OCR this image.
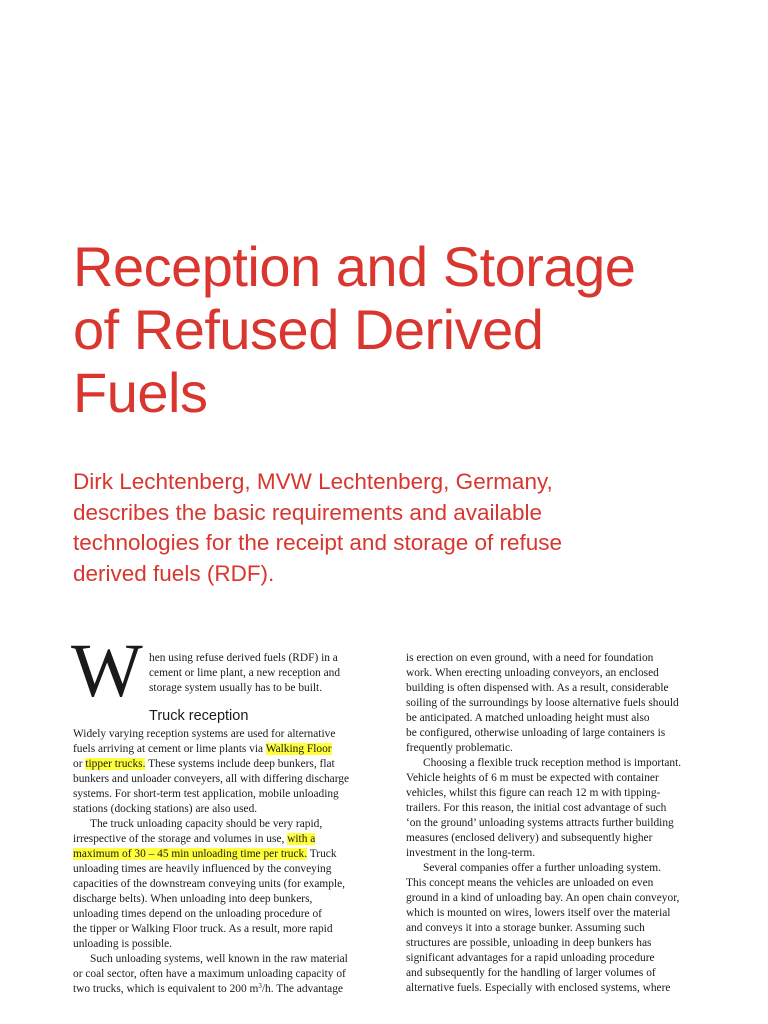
Reception and Storage
of Refused Derived
Fuels
Dirk Lechtenberg, MVW Lechtenberg, Germany,
describes the basic requirements and available
technologies for the receipt and storage of refuse
derived fuels (RDF).
W
Truck reception
hen using refuse derived fuels (RDF) in a
cement or lime plant, a new reception and
storage system usually has to be built.
Widely varying reception systems are used for alternative
fuels arriving at cement or lime plants via Walking Floor
or tipper trucks. These systems include deep bunkers, flat
bunkers and unloader conveyers, all with differing discharge
systems. For short-term test application, mobile unloading
stations (docking stations) are also used.
The truck unloading capacity should be very rapid,
irrespective of the storage and volumes in use, with a
maximum of 30 – 45 min unloading time per truck. Truck
unloading times are heavily influenced by the conveying
capacities of the downstream conveying units (for example,
discharge belts). When unloading into deep bunkers,
unloading times depend on the unloading procedure of
the tipper or Walking Floor truck. As a result, more rapid
unloading is possible.
Such unloading systems, well known in the raw material
or coal sector, often have a maximum unloading capacity of
two trucks, which is equivalent to 200 $m^3/h$. The advantage
is erection on even ground, with a need for foundation
work. When erecting unloading conveyors, an enclosed
building is often dispensed with. As a result, considerable
soiling of the surroundings by loose alternative fuels should
be anticipated. A matched unloading height must also
be configured, otherwise unloading of large containers is
frequently problematic.
Choosing a flexible truck reception method is important.
Vehicle heights of 6 m must be expected with container
vehicles, whilst this figure can reach 12 m with tipping-
trailers. For this reason, the initial cost advantage of such
‘on the ground’ unloading systems attracts further building
measures (enclosed delivery) and subsequently higher
investment in the long-term.
Several companies offer a further unloading system.
This concept means the vehicles are unloaded on even
ground in a kind of unloading bay. An open chain conveyor,
which is mounted on wires, lowers itself over the material
and conveys it into a storage bunker. Assuming such
structures are possible, unloading in deep bunkers has
significant advantages for a rapid unloading procedure
and subsequently for the handling of larger volumes of
alternative fuels. Especially with enclosed systems, where
